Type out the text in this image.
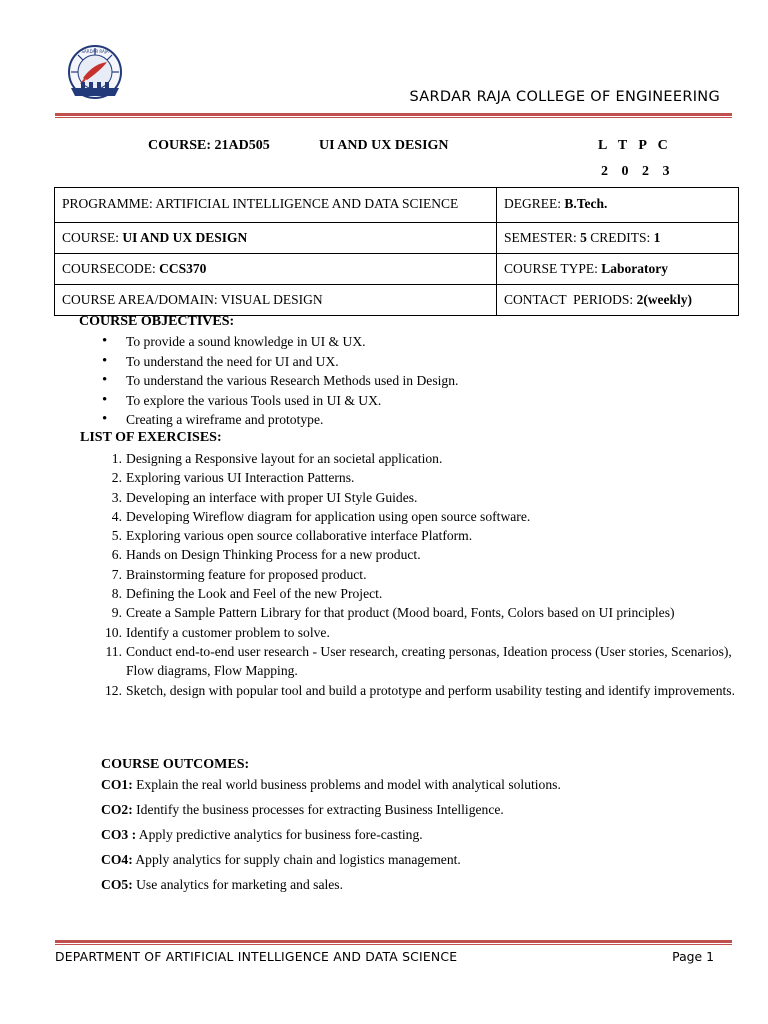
SARDAR RAJA
SARDAR RAJA COLLEGE OF ENGINEERING
COURSE: 21AD505	UI AND UX DESIGN	L T P C
2 0 2 3
PROGRAMME: ARTIFICIAL INTELLIGENCE AND DATA SCIENCE	DEGREE: B.Tech.
COURSE: UI AND UX DESIGN	SEMESTER: 5 CREDITS: 1
COURSECODE: CCS370	COURSE TYPE: Laboratory
COURSE AREA/DOMAIN: VISUAL DESIGN	CONTACT  PERIODS: 2(weekly)
COURSE OBJECTIVES:
• To provide a sound knowledge in UI & UX.
• To understand the need for UI and UX.
• To understand the various Research Methods used in Design.
• To explore the various Tools used in UI & UX.
• Creating a wireframe and prototype.
LIST OF EXERCISES:
1. Designing a Responsive layout for an societal application.
2. Exploring various UI Interaction Patterns.
3. Developing an interface with proper UI Style Guides.
4. Developing Wireflow diagram for application using open source software.
5. Exploring various open source collaborative interface Platform.
6. Hands on Design Thinking Process for a new product.
7. Brainstorming feature for proposed product.
8. Defining the Look and Feel of the new Project.
9. Create a Sample Pattern Library for that product (Mood board, Fonts, Colors based on UI principles)
10. Identify a customer problem to solve.
11. Conduct end-to-end user research - User research, creating personas, Ideation process (User stories, Scenarios), Flow diagrams, Flow Mapping.
12. Sketch, design with popular tool and build a prototype and perform usability testing and identify improvements.
COURSE OUTCOMES:
CO1: Explain the real world business problems and model with analytical solutions.
CO2: Identify the business processes for extracting Business Intelligence.
CO3 : Apply predictive analytics for business fore-casting.
CO4: Apply analytics for supply chain and logistics management.
CO5: Use analytics for marketing and sales.
DEPARTMENT OF ARTIFICIAL INTELLIGENCE AND DATA SCIENCE	Page 1
